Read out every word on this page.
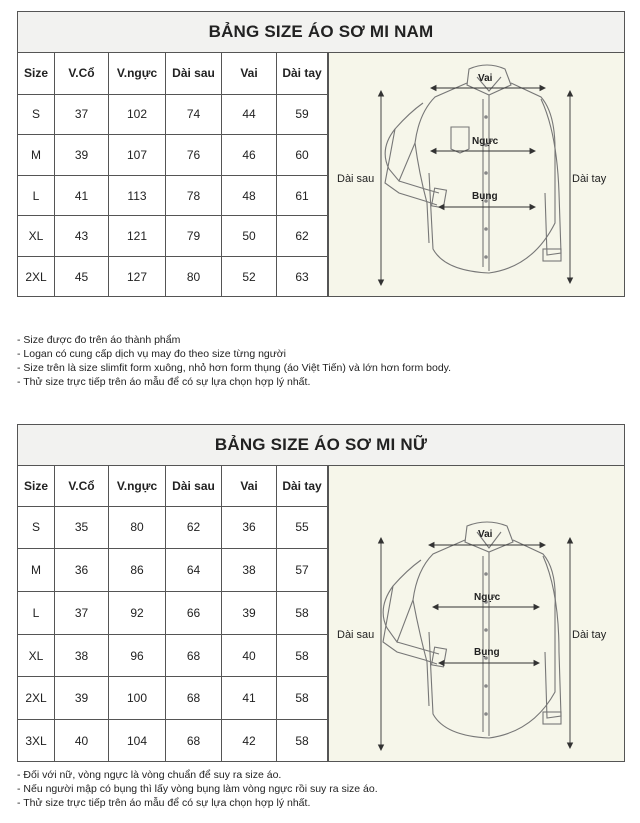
BẢNG SIZE ÁO SƠ MI NAM
Size	V.Cổ	V.ngực	Dài sau	Vai	Dài tay
S	37	102	74	44	59
M	39	107	76	46	60
L	41	113	78	48	61
XL	43	121	79	50	62
2XL	45	127	80	52	63
Vai
Ngực
Bụng
Dài sau	Dài tay
- Size được đo trên áo thành phẩm
- Logan có cung cấp dịch vụ may đo theo size từng người
- Size trên là size slimfit form xuông, nhỏ hơn form thụng (áo Việt Tiến) và lớn hơn form body.
- Thử size trực tiếp trên áo mẫu để có sự lựa chọn hợp lý nhất.
BẢNG SIZE ÁO SƠ MI NỮ
Size	V.Cổ	V.ngực	Dài sau	Vai	Dài tay
S	35	80	62	36	55
M	36	86	64	38	57
L	37	92	66	39	58
XL	38	96	68	40	58
2XL	39	100	68	41	58
3XL	40	104	68	42	58
Vai
Ngực
Bụng
Dài sau	Dài tay
- Đối với nữ, vòng ngực là vòng chuẩn để suy ra size áo.
- Nếu người mập có bụng thì lấy vòng bụng làm vòng ngực rồi suy ra size áo.
- Thử size trực tiếp trên áo mẫu để có sự lựa chọn hợp lý nhất.
